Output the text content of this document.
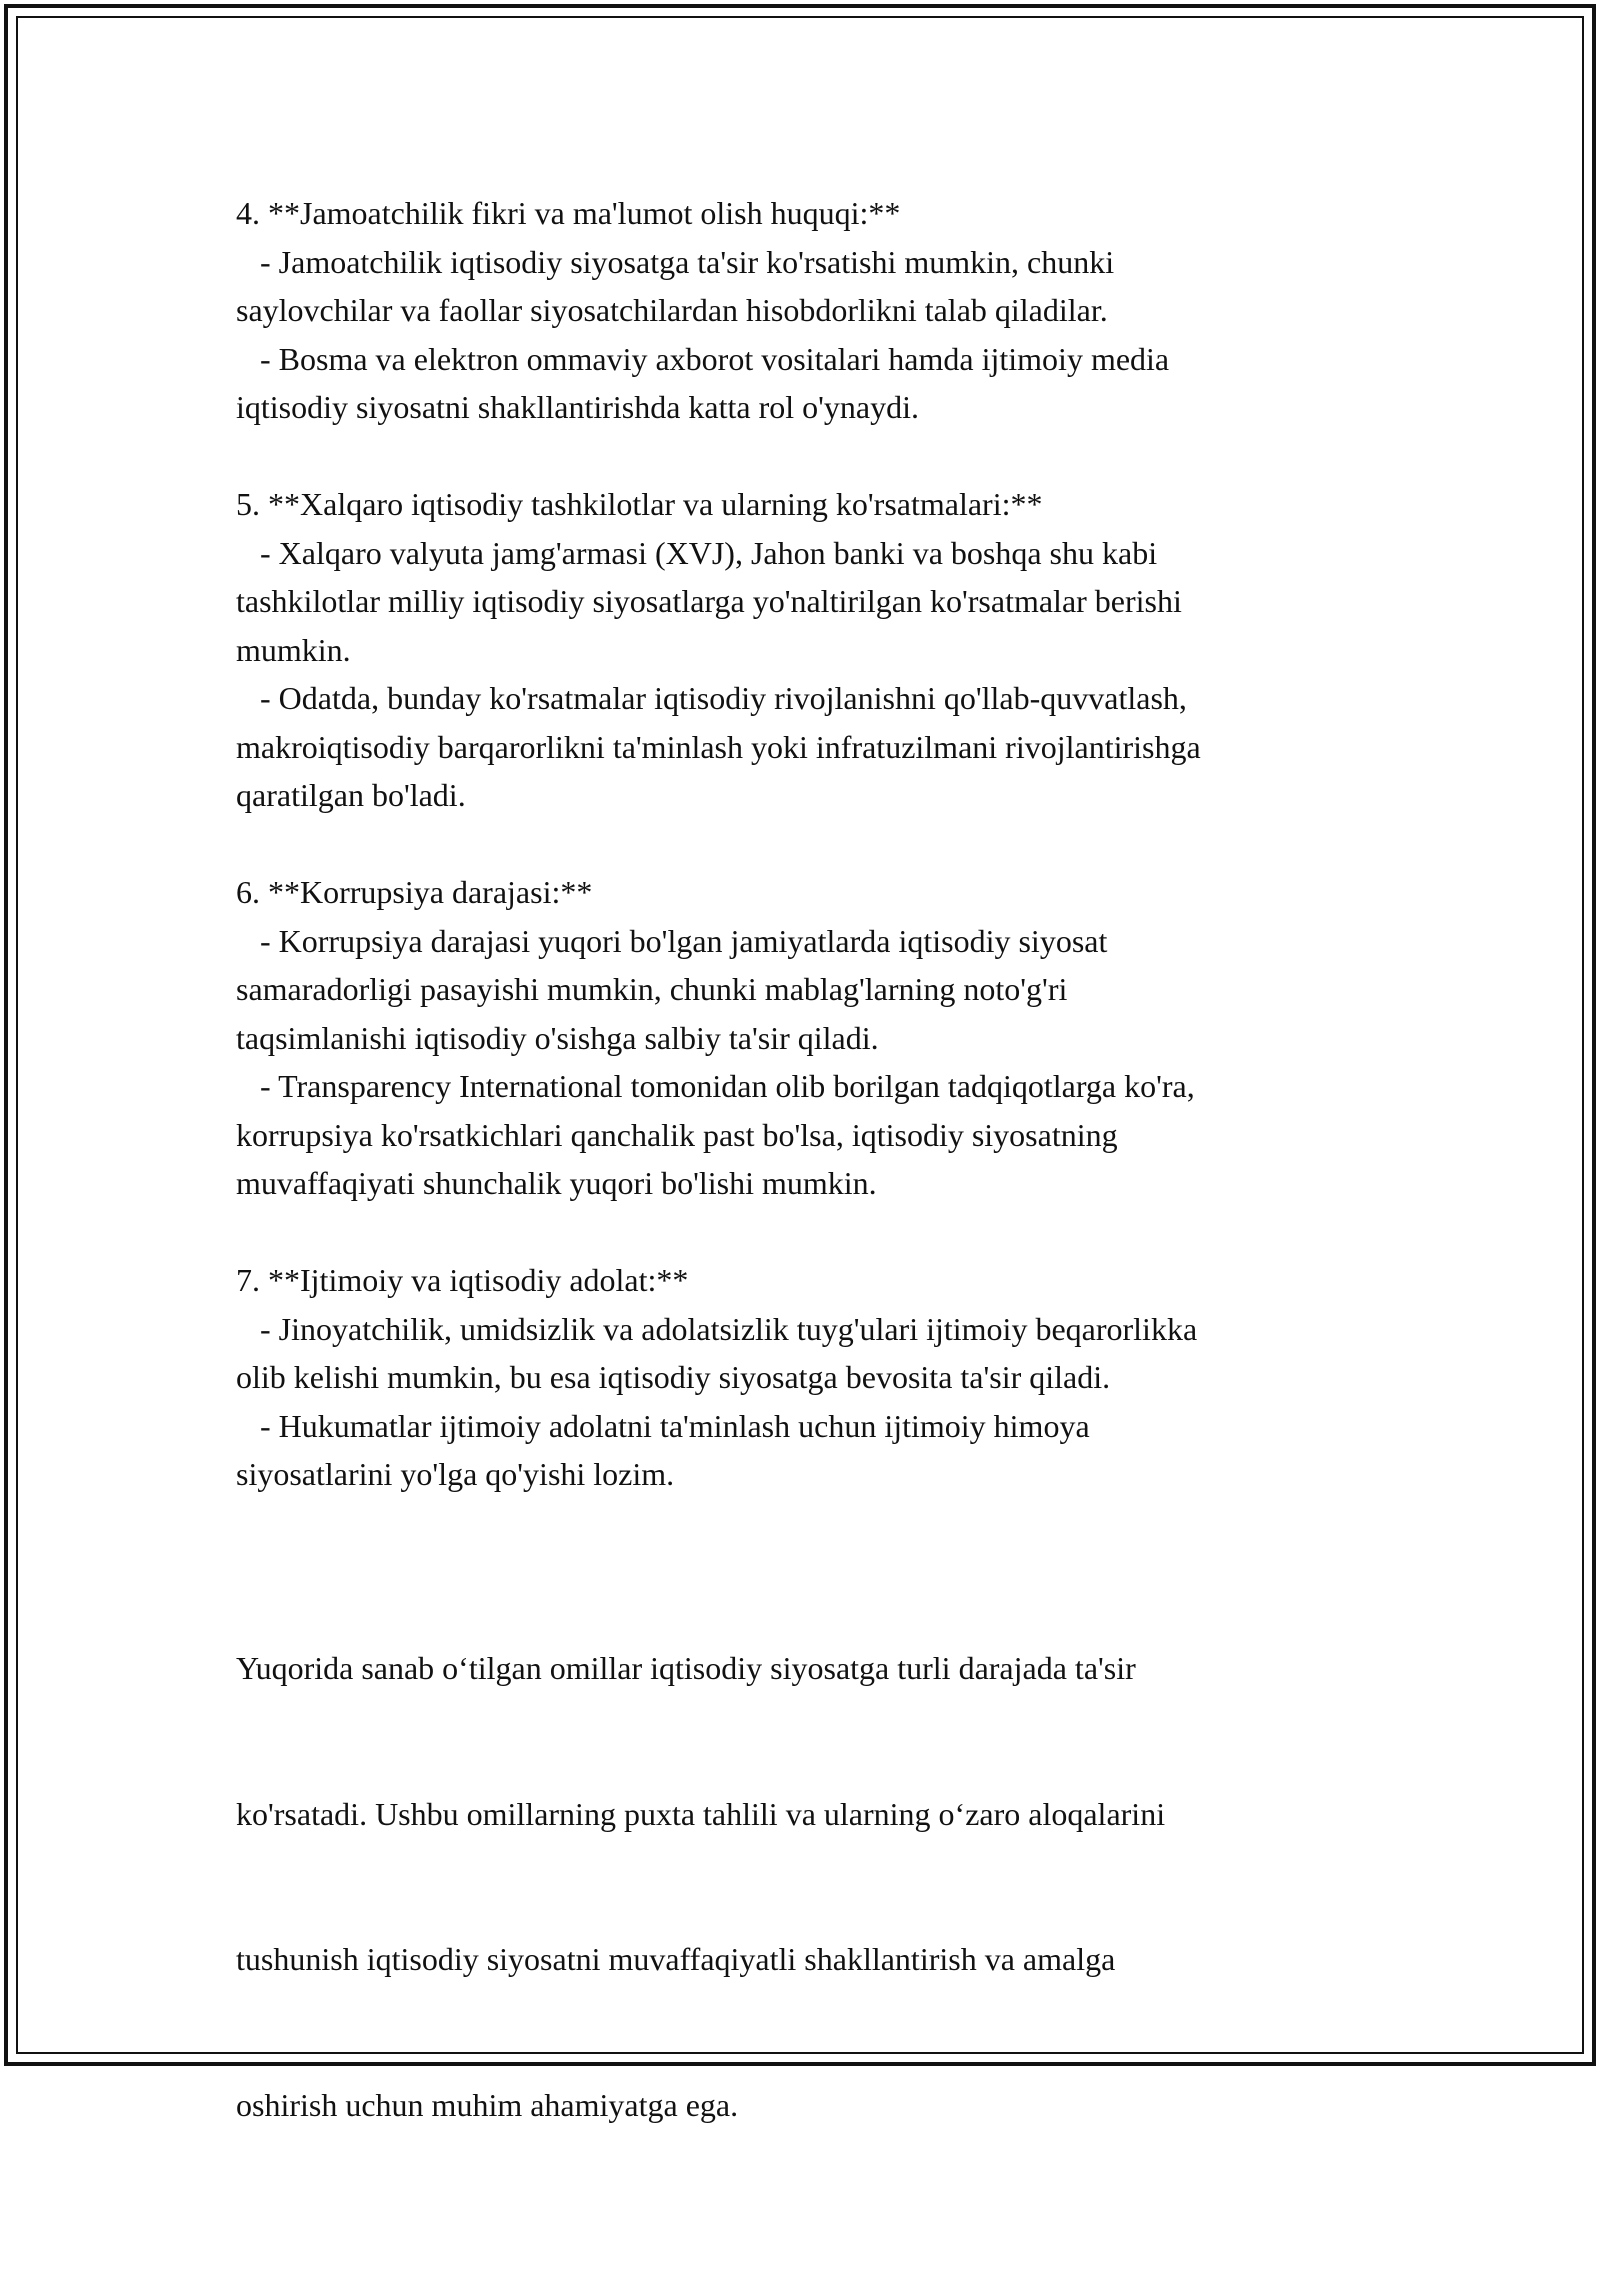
4. **Jamoatchilik fikri va ma'lumot olish huquqi:**
- Jamoatchilik iqtisodiy siyosatga ta'sir ko'rsatishi mumkin, chunki
saylovchilar va faollar siyosatchilardan hisobdorlikni talab qiladilar.
- Bosma va elektron ommaviy axborot vositalari hamda ijtimoiy media
iqtisodiy siyosatni shakllantirishda katta rol o'ynaydi.
5. **Xalqaro iqtisodiy tashkilotlar va ularning ko'rsatmalari:**
- Xalqaro valyuta jamg'armasi (XVJ), Jahon banki va boshqa shu kabi
tashkilotlar milliy iqtisodiy siyosatlarga yo'naltirilgan ko'rsatmalar berishi
mumkin.
- Odatda, bunday ko'rsatmalar iqtisodiy rivojlanishni qo'llab-quvvatlash,
makroiqtisodiy barqarorlikni ta'minlash yoki infratuzilmani rivojlantirishga
qaratilgan bo'ladi.
6. **Korrupsiya darajasi:**
- Korrupsiya darajasi yuqori bo'lgan jamiyatlarda iqtisodiy siyosat
samaradorligi pasayishi mumkin, chunki mablag'larning noto'g'ri
taqsimlanishi iqtisodiy o'sishga salbiy ta'sir qiladi.
- Transparency International tomonidan olib borilgan tadqiqotlarga ko'ra,
korrupsiya ko'rsatkichlari qanchalik past bo'lsa, iqtisodiy siyosatning
muvaffaqiyati shunchalik yuqori bo'lishi mumkin.
7. **Ijtimoiy va iqtisodiy adolat:**
- Jinoyatchilik, umidsizlik va adolatsizlik tuyg'ulari ijtimoiy beqarorlikka
olib kelishi mumkin, bu esa iqtisodiy siyosatga bevosita ta'sir qiladi.
- Hukumatlar ijtimoiy adolatni ta'minlash uchun ijtimoiy himoya
siyosatlarini yo'lga qo'yishi lozim.

Yuqorida sanab o‘tilgan omillar iqtisodiy siyosatga turli darajada ta'sir

ko'rsatadi. Ushbu omillarning puxta tahlili va ularning o‘zaro aloqalarini

tushunish iqtisodiy siyosatni muvaffaqiyatli shakllantirish va amalga

oshirish uchun muhim ahamiyatga ega.
